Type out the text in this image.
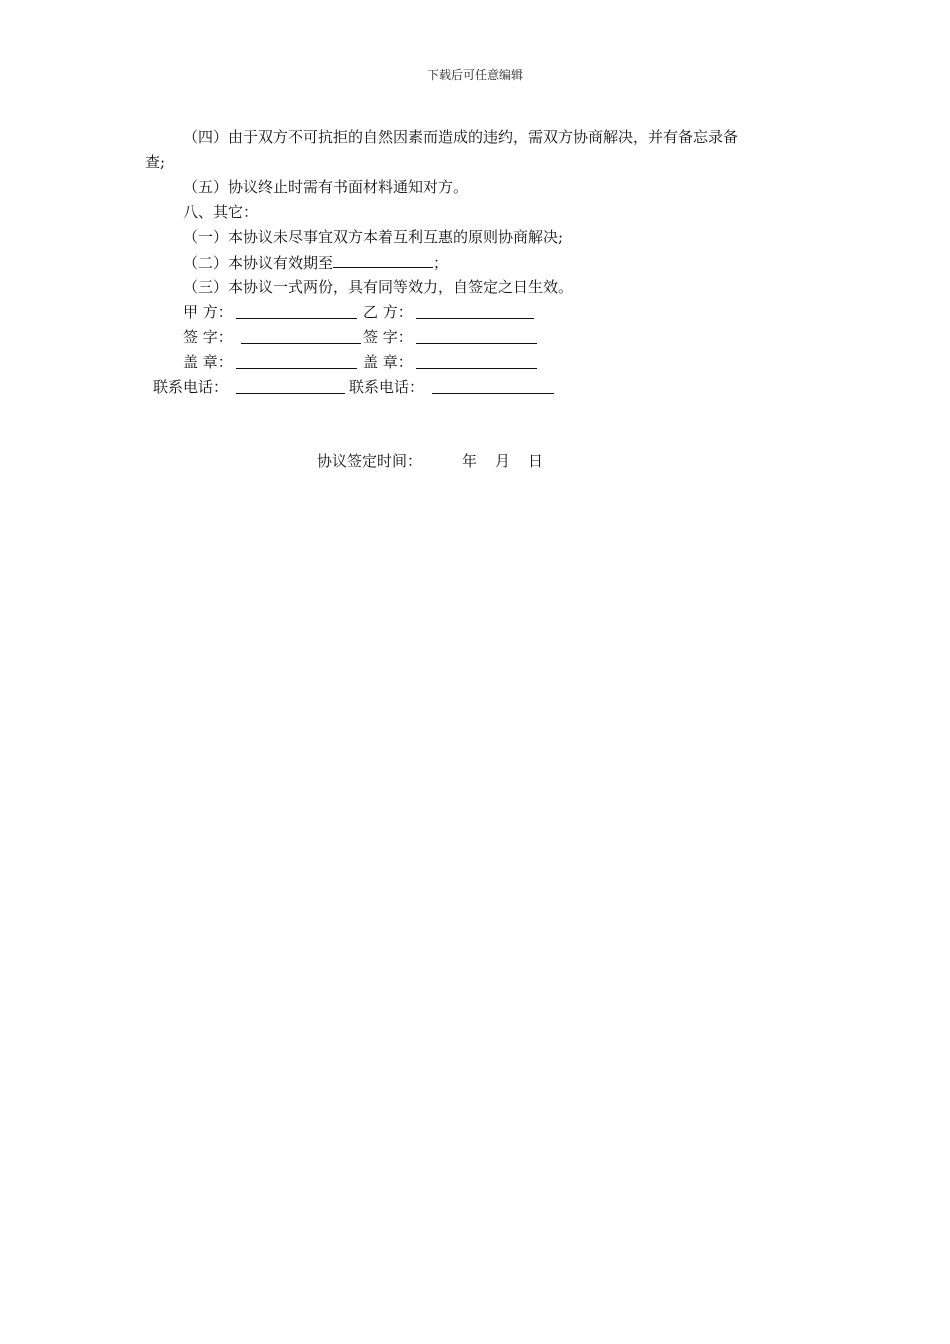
下载后可任意编辑
（四）由于双方不可抗拒的自然因素而造成的违约，需双方协商解决，并有备忘录备
查;
（五）协议终止时需有书面材料通知对方。
八、其它：
（一）本协议未尽事宜双方本着互利互惠的原则协商解决;
（二）本协议有效期至	；
（三）本协议一式两份，具有同等效力，自签定之日生效。
甲 方：	乙 方：
签 字：	签 字：
盖 章：	盖 章：
联系电话：	联系电话：
协议签定时间：	年 月 日
